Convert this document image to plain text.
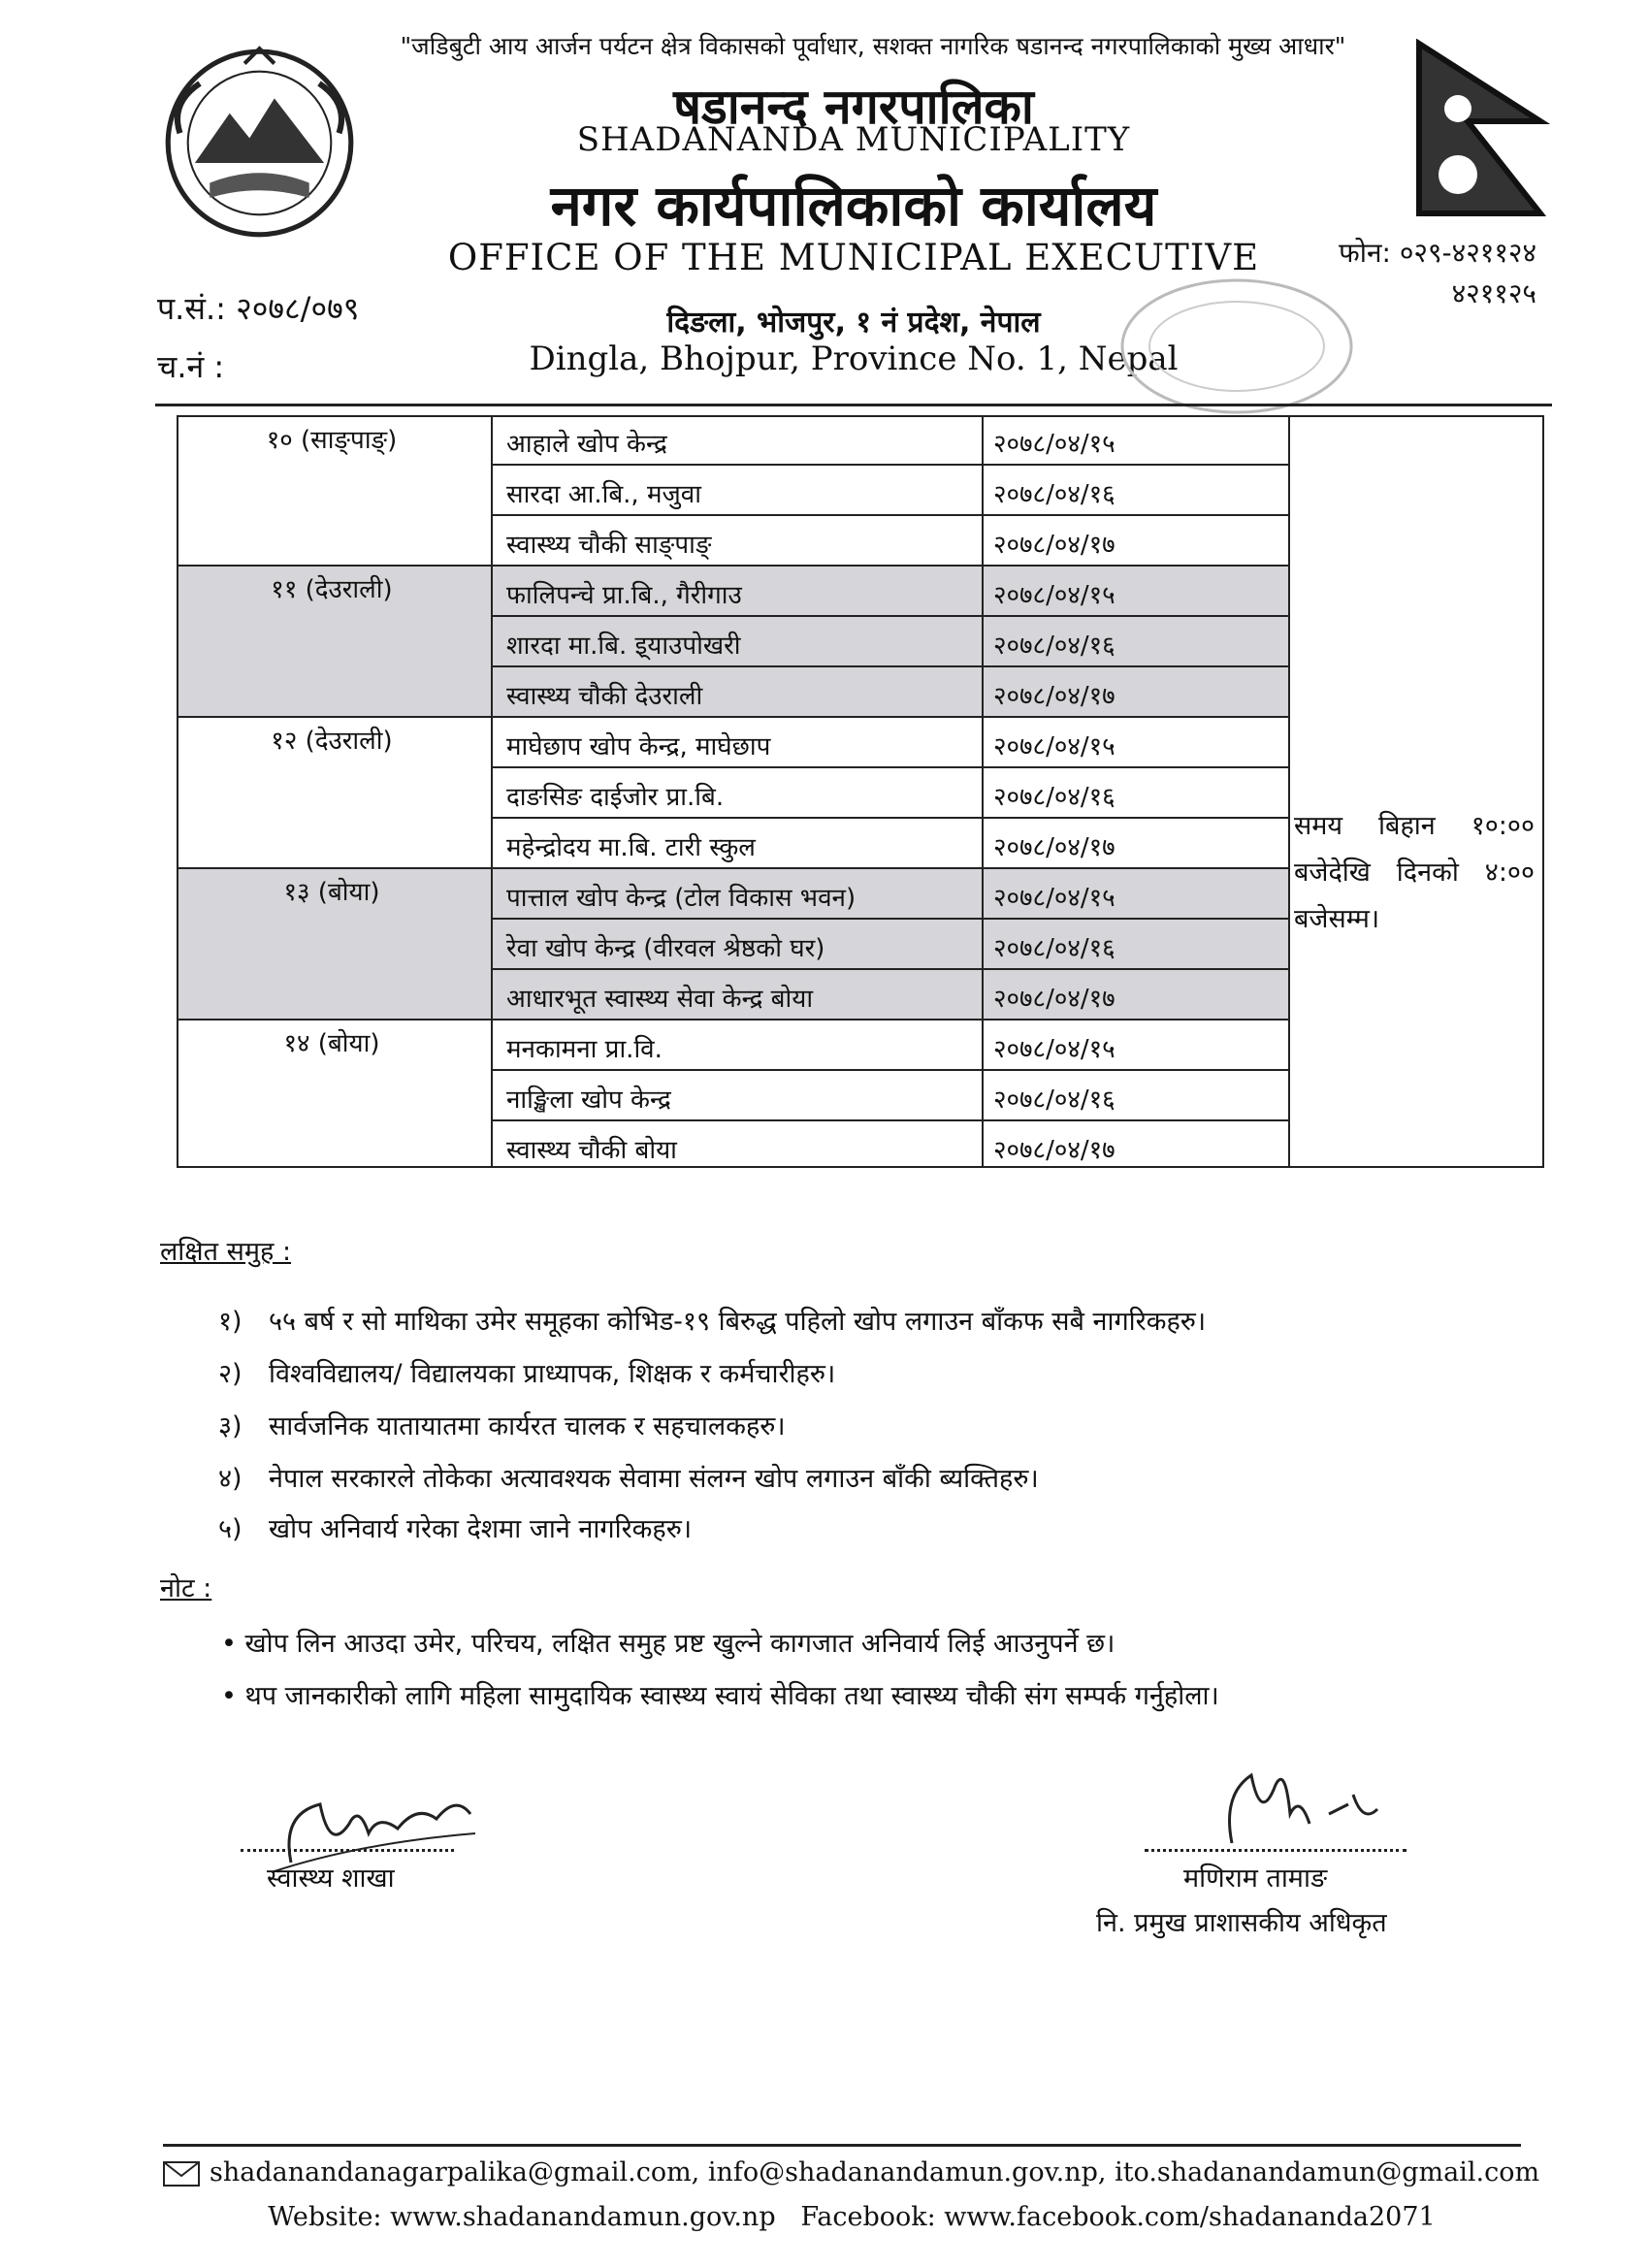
"जडिबुटी आय आर्जन पर्यटन क्षेत्र विकासको पूर्वाधार, सशक्त नागरिक षडानन्द नगरपालिकाको मुख्य आधार"
षडानन्द नगरपालिका
SHADANANDA MUNICIPALITY
नगर कार्यपालिकाको कार्यालय
OFFICE OF THE MUNICIPAL EXECUTIVE
दिङला, भोजपुर, १ नं प्रदेश, नेपाल
Dingla, Bhojpur, Province No. 1, Nepal
प.सं.: २०७८/०७९
च.नं :
फोन: ०२९-४२११२४
४२११२५
१० (साङ्पाङ्)	आहाले खोप केन्द्र	२०७८/०४/१५
सारदा आ.बि., मजुवा	२०७८/०४/१६
स्वास्थ्य चौकी साङ्पाङ्	२०७८/०४/१७
११ (देउराली)	फालिपन्चे प्रा.बि., गैरीगाउ	२०७८/०४/१५
शारदा मा.बि. इ्याउपोखरी	२०७८/०४/१६
स्वास्थ्य चौकी देउराली	२०७८/०४/१७
१२ (देउराली)	माघेछाप खोप केन्द्र, माघेछाप	२०७८/०४/१५
दाङसिङ दाईजोर प्रा.बि.	२०७८/०४/१६
महेन्द्रोदय मा.बि. टारी स्कुल	२०७८/०४/१७
१३ (बोया)	पात्ताल खोप केन्द्र (टोल विकास भवन)	२०७८/०४/१५
रेवा खोप केन्द्र (वीरवल श्रेष्ठको घर)	२०७८/०४/१६
आधारभूत स्वास्थ्य सेवा केन्द्र बोया	२०७८/०४/१७
१४ (बोया)	मनकामना प्रा.वि.	२०७८/०४/१५
नाङ्खिला खोप केन्द्र	२०७८/०४/१६
स्वास्थ्य चौकी बोया	२०७८/०४/१७
समय बिहान १०:०० बजेदेखि दिनको ४:०० बजेसम्म।
लक्षित समुह :
१) ५५ बर्ष र सो माथिका उमेर समूहका कोभिड-१९ बिरुद्ध पहिलो खोप लगाउन बाँकफ सबै नागरिकहरु।
२) विश्वविद्यालय/ विद्यालयका प्राध्यापक, शिक्षक र कर्मचारीहरु।
३) सार्वजनिक यातायातमा कार्यरत चालक र सहचालकहरु।
४) नेपाल सरकारले तोकेका अत्यावश्यक सेवामा संलग्न खोप लगाउन बाँकी ब्यक्तिहरु।
५) खोप अनिवार्य गरेका देशमा जाने नागरिकहरु।
नोट :
• खोप लिन आउदा उमेर, परिचय, लक्षित समुह प्रष्ट खुल्ने कागजात अनिवार्य लिई आउनुपर्ने छ।
• थप जानकारीको लागि महिला सामुदायिक स्वास्थ्य स्वायं सेविका तथा स्वास्थ्य चौकी संग सम्पर्क गर्नुहोला।
स्वास्थ्य शाखा	मणिराम तामाङ
नि. प्रमुख प्राशासकीय अधिकृत
shadanandanagarpalika@gmail.com, info@shadanandamun.gov.np, ito.shadanandamun@gmail.com
Website: www.shadanandamun.gov.np   Facebook: www.facebook.com/shadananda2071
